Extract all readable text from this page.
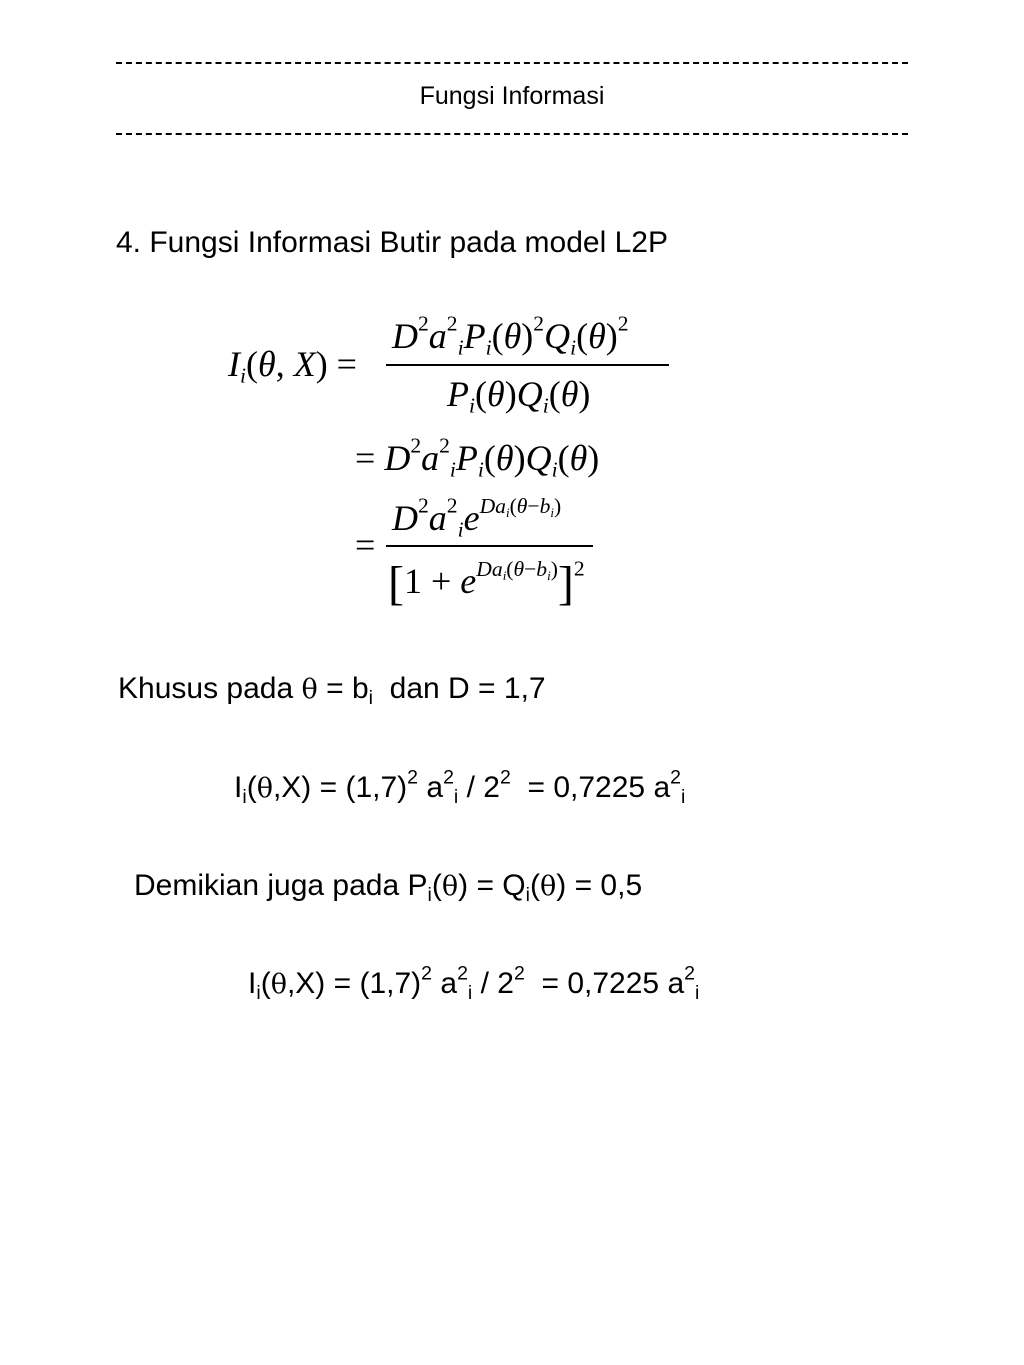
Fungsi Informasi
4. Fungsi Informasi Butir pada model L2P
$I_i(\theta$, X) =
$D^2a^2_iP_i(\theta)^2Q_i(\theta)^2$
$P_i(\theta)Q_i(\theta)$
= $D^2a^2_iP_i(\theta)Q_i(\theta)$
=
$D^2a^2_ie^{Da_i(\theta-b_i)}$
$[1 + e^{Da_i(\theta-b_i)}]^2$
Khusus pada $\theta = b_i$  dan D = 1,7
$I_i(\theta,X) = (1,7)^2$ $a^2_i / 2^2 = 0,7225$ $a^2_i$
Demikian juga pada $P_i(\theta) = Q_i(\theta) = 0,5$
$I_i(\theta,X) = (1,7)^2$ $a^2_i / 2^2 = 0,7225$ $a^2_i$
